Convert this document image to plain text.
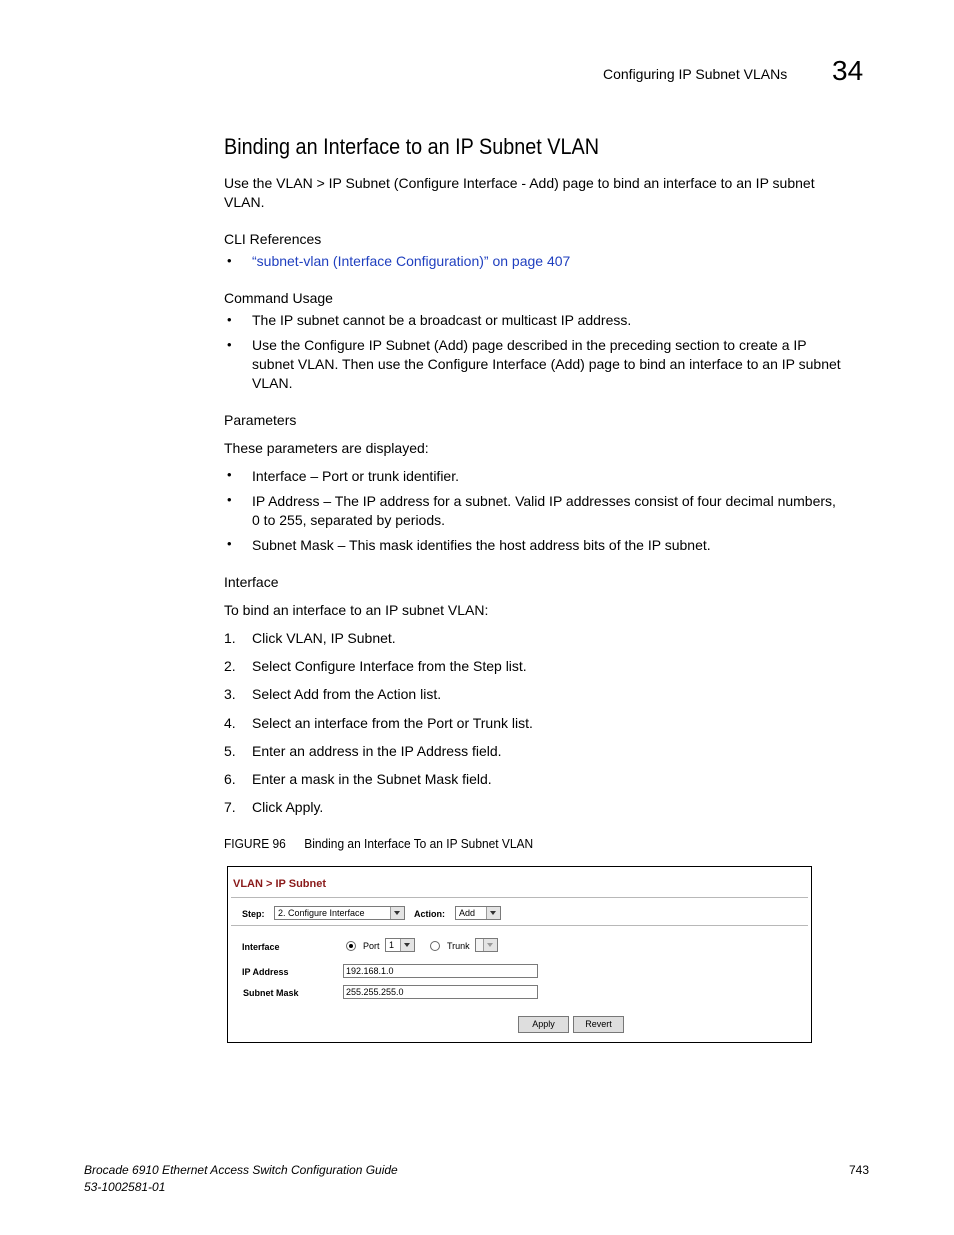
Configuring IP Subnet VLANs 34
Binding an Interface to an IP Subnet VLAN
Use the VLAN > IP Subnet (Configure Interface - Add) page to bind an interface to an IP subnet
VLAN.
CLI References
• “subnet-vlan (Interface Configuration)” on page 407
Command Usage
• The IP subnet cannot be a broadcast or multicast IP address.
• Use the Configure IP Subnet (Add) page described in the preceding section to create a IP
subnet VLAN. Then use the Configure Interface (Add) page to bind an interface to an IP subnet
VLAN.
Parameters
These parameters are displayed:
• Interface – Port or trunk identifier.
• IP Address – The IP address for a subnet. Valid IP addresses consist of four decimal numbers,
0 to 255, separated by periods.
• Subnet Mask – This mask identifies the host address bits of the IP subnet.
Interface
To bind an interface to an IP subnet VLAN:
1. Click VLAN, IP Subnet.
2. Select Configure Interface from the Step list.
3. Select Add from the Action list.
4. Select an interface from the Port or Trunk list.
5. Enter an address in the IP Address field.
6. Enter a mask in the Subnet Mask field.
7. Click Apply.
FIGURE 96 Binding an Interface To an IP Subnet VLAN
VLAN > IP Subnet
Step: 2. Configure Interface	Action: Add
Interface	Port 1	Trunk
IP Address	192.168.1.0
Subnet Mask	255.255.255.0
Apply	Revert
Brocade 6910 Ethernet Access Switch Configuration Guide
53-1002581-01
743
